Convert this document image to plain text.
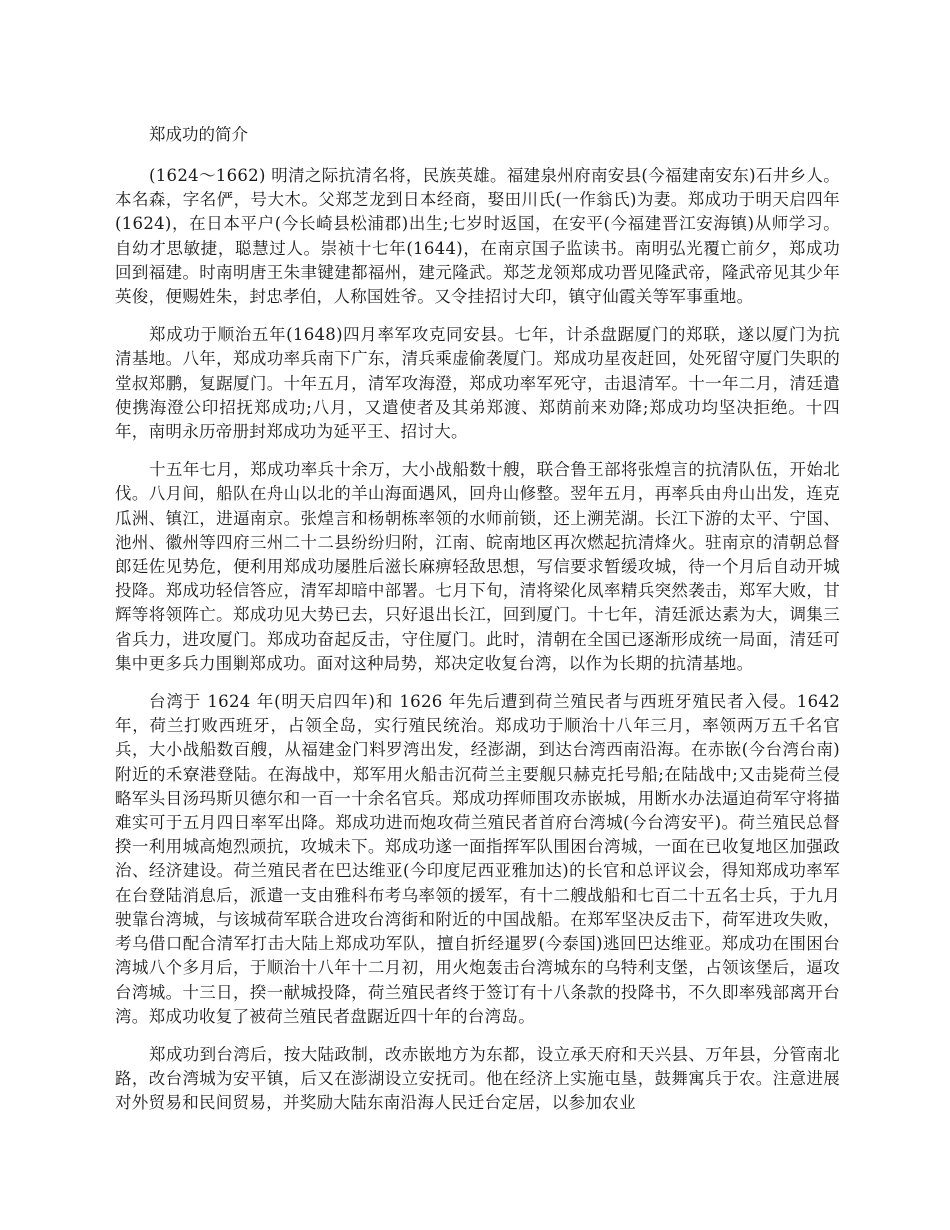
郑成功的简介

(1624～1662) 明清之际抗清名将，民族英雄。福建泉州府南安县(今福建南安东)石井乡人。本名森，字名俨，号大木。父郑芝龙到日本经商，娶田川氏(一作翁氏)为妻。郑成功于明天启四年(1624)，在日本平户(今长崎县松浦郡)出生;七岁时返国，在安平(今福建晋江安海镇)从师学习。自幼才思敏捷，聪慧过人。崇祯十七年(1644)，在南京国子监读书。南明弘光覆亡前夕，郑成功回到福建。时南明唐王朱聿键建都福州，建元隆武。郑芝龙领郑成功晋见隆武帝，隆武帝见其少年英俊，便赐姓朱，封忠孝伯，人称国姓爷。又令挂招讨大印，镇守仙霞关等军事重地。

郑成功于顺治五年(1648)四月率军攻克同安县。七年，计杀盘踞厦门的郑联，遂以厦门为抗清基地。八年，郑成功率兵南下广东，清兵乘虚偷袭厦门。郑成功星夜赶回，处死留守厦门失职的堂叔郑鹏，复踞厦门。十年五月，清军攻海澄，郑成功率军死守，击退清军。十一年二月，清廷遣使携海澄公印招抚郑成功;八月，又遣使者及其弟郑渡、郑荫前来劝降;郑成功均坚决拒绝。十四年，南明永历帝册封郑成功为延平王、招讨大。

十五年七月，郑成功率兵十余万，大小战船数十艘，联合鲁王部将张煌言的抗清队伍，开始北伐。八月间，船队在舟山以北的羊山海面遇风，回舟山修整。翌年五月，再率兵由舟山出发，连克瓜洲、镇江，进逼南京。张煌言和杨朝栋率领的水师前锁，还上溯芜湖。长江下游的太平、宁国、池州、徽州等四府三州二十二县纷纷归附，江南、皖南地区再次燃起抗清烽火。驻南京的清朝总督郎廷佐见势危，便利用郑成功屡胜后滋长麻痹轻敌思想，写信要求暂缓攻城，待一个月后自动开城投降。郑成功轻信答应，清军却暗中部署。七月下旬，清将梁化凤率精兵突然袭击，郑军大败，甘辉等将领阵亡。郑成功见大势已去，只好退出长江，回到厦门。十七年，清廷派达素为大，调集三省兵力，进攻厦门。郑成功奋起反击，守住厦门。此时，清朝在全国已逐渐形成统一局面，清廷可集中更多兵力围剿郑成功。面对这种局势，郑决定收复台湾，以作为长期的抗清基地。

台湾于 1624 年(明天启四年)和 1626 年先后遭到荷兰殖民者与西班牙殖民者入侵。1642 年，荷兰打败西班牙，占领全岛，实行殖民统治。郑成功于顺治十八年三月，率领两万五千名官兵，大小战船数百艘，从福建金门料罗湾出发，经澎湖，到达台湾西南沿海。在赤嵌(今台湾台南)附近的禾寮港登陆。在海战中，郑军用火船击沉荷兰主要舰只赫克托号船;在陆战中;又击毙荷兰侵略军头目汤玛斯贝德尔和一百一十余名官兵。郑成功挥师围攻赤嵌城，用断水办法逼迫荷军守将描难实可于五月四日率军出降。郑成功进而炮攻荷兰殖民者首府台湾城(今台湾安平)。荷兰殖民总督揆一利用城高炮烈顽抗，攻城未下。郑成功遂一面指挥军队围困台湾城，一面在已收复地区加强政治、经济建设。荷兰殖民者在巴达维亚(今印度尼西亚雅加达)的长官和总评议会，得知郑成功率军在台登陆消息后，派遣一支由雅科布考乌率领的援军，有十二艘战船和七百二十五名士兵，于九月驶靠台湾城，与该城荷军联合进攻台湾街和附近的中国战船。在郑军坚决反击下，荷军进攻失败，考乌借口配合清军打击大陆上郑成功军队，擅自折经暹罗(今泰国)逃回巴达维亚。郑成功在围困台湾城八个多月后，于顺治十八年十二月初，用火炮轰击台湾城东的乌特利支堡，占领该堡后，逼攻台湾城。十三日，揆一献城投降，荷兰殖民者终于签订有十八条款的投降书，不久即率残部离开台湾。郑成功收复了被荷兰殖民者盘踞近四十年的台湾岛。

郑成功到台湾后，按大陆政制，改赤嵌地方为东都，设立承天府和天兴县、万年县，分管南北路，改台湾城为安平镇，后又在澎湖设立安抚司。他在经济上实施屯垦，鼓舞寓兵于农。注意进展对外贸易和民间贸易，并奖励大陆东南沿海人民迁台定居，以参加农业
